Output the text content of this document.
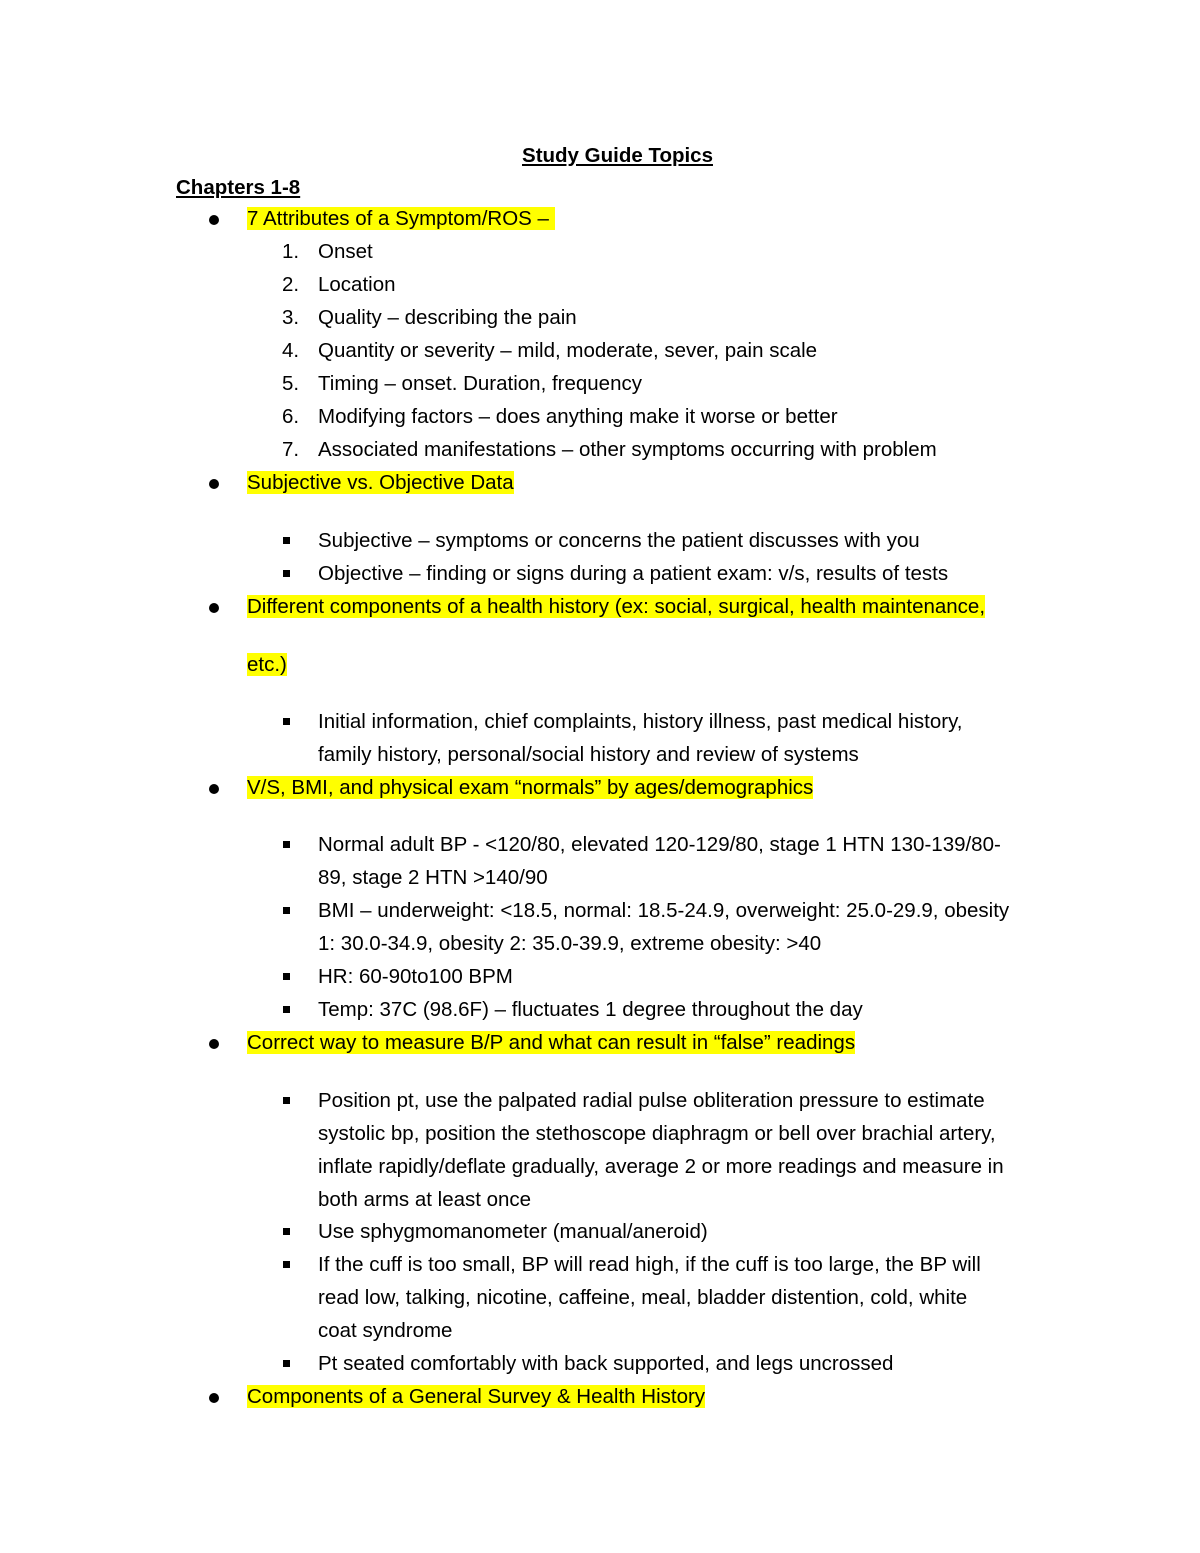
Study Guide Topics
Chapters 1-8
7 Attributes of a Symptom/ROS –
1. Onset
2. Location
3. Quality – describing the pain
4. Quantity or severity – mild, moderate, sever, pain scale
5. Timing – onset. Duration, frequency
6. Modifying factors – does anything make it worse or better
7. Associated manifestations – other symptoms occurring with problem
Subjective vs. Objective Data
Subjective – symptoms or concerns the patient discusses with you
Objective – finding or signs during a patient exam: v/s, results of tests
Different components of a health history (ex: social, surgical, health maintenance,
etc.)
Initial information, chief complaints, history illness, past medical history,
family history, personal/social history and review of systems
V/S, BMI, and physical exam “normals” by ages/demographics
Normal adult BP - <120/80, elevated 120-129/80, stage 1 HTN 130-139/80-
89, stage 2 HTN >140/90
BMI – underweight: <18.5, normal: 18.5-24.9, overweight: 25.0-29.9, obesity
1: 30.0-34.9, obesity 2: 35.0-39.9, extreme obesity: >40
HR: 60-90to100 BPM
Temp: 37C (98.6F) – fluctuates 1 degree throughout the day
Correct way to measure B/P and what can result in “false” readings
Position pt, use the palpated radial pulse obliteration pressure to estimate
systolic bp, position the stethoscope diaphragm or bell over brachial artery,
inflate rapidly/deflate gradually, average 2 or more readings and measure in
both arms at least once
Use sphygmomanometer (manual/aneroid)
If the cuff is too small, BP will read high, if the cuff is too large, the BP will
read low, talking, nicotine, caffeine, meal, bladder distention, cold, white
coat syndrome
Pt seated comfortably with back supported, and legs uncrossed
Components of a General Survey & Health History
